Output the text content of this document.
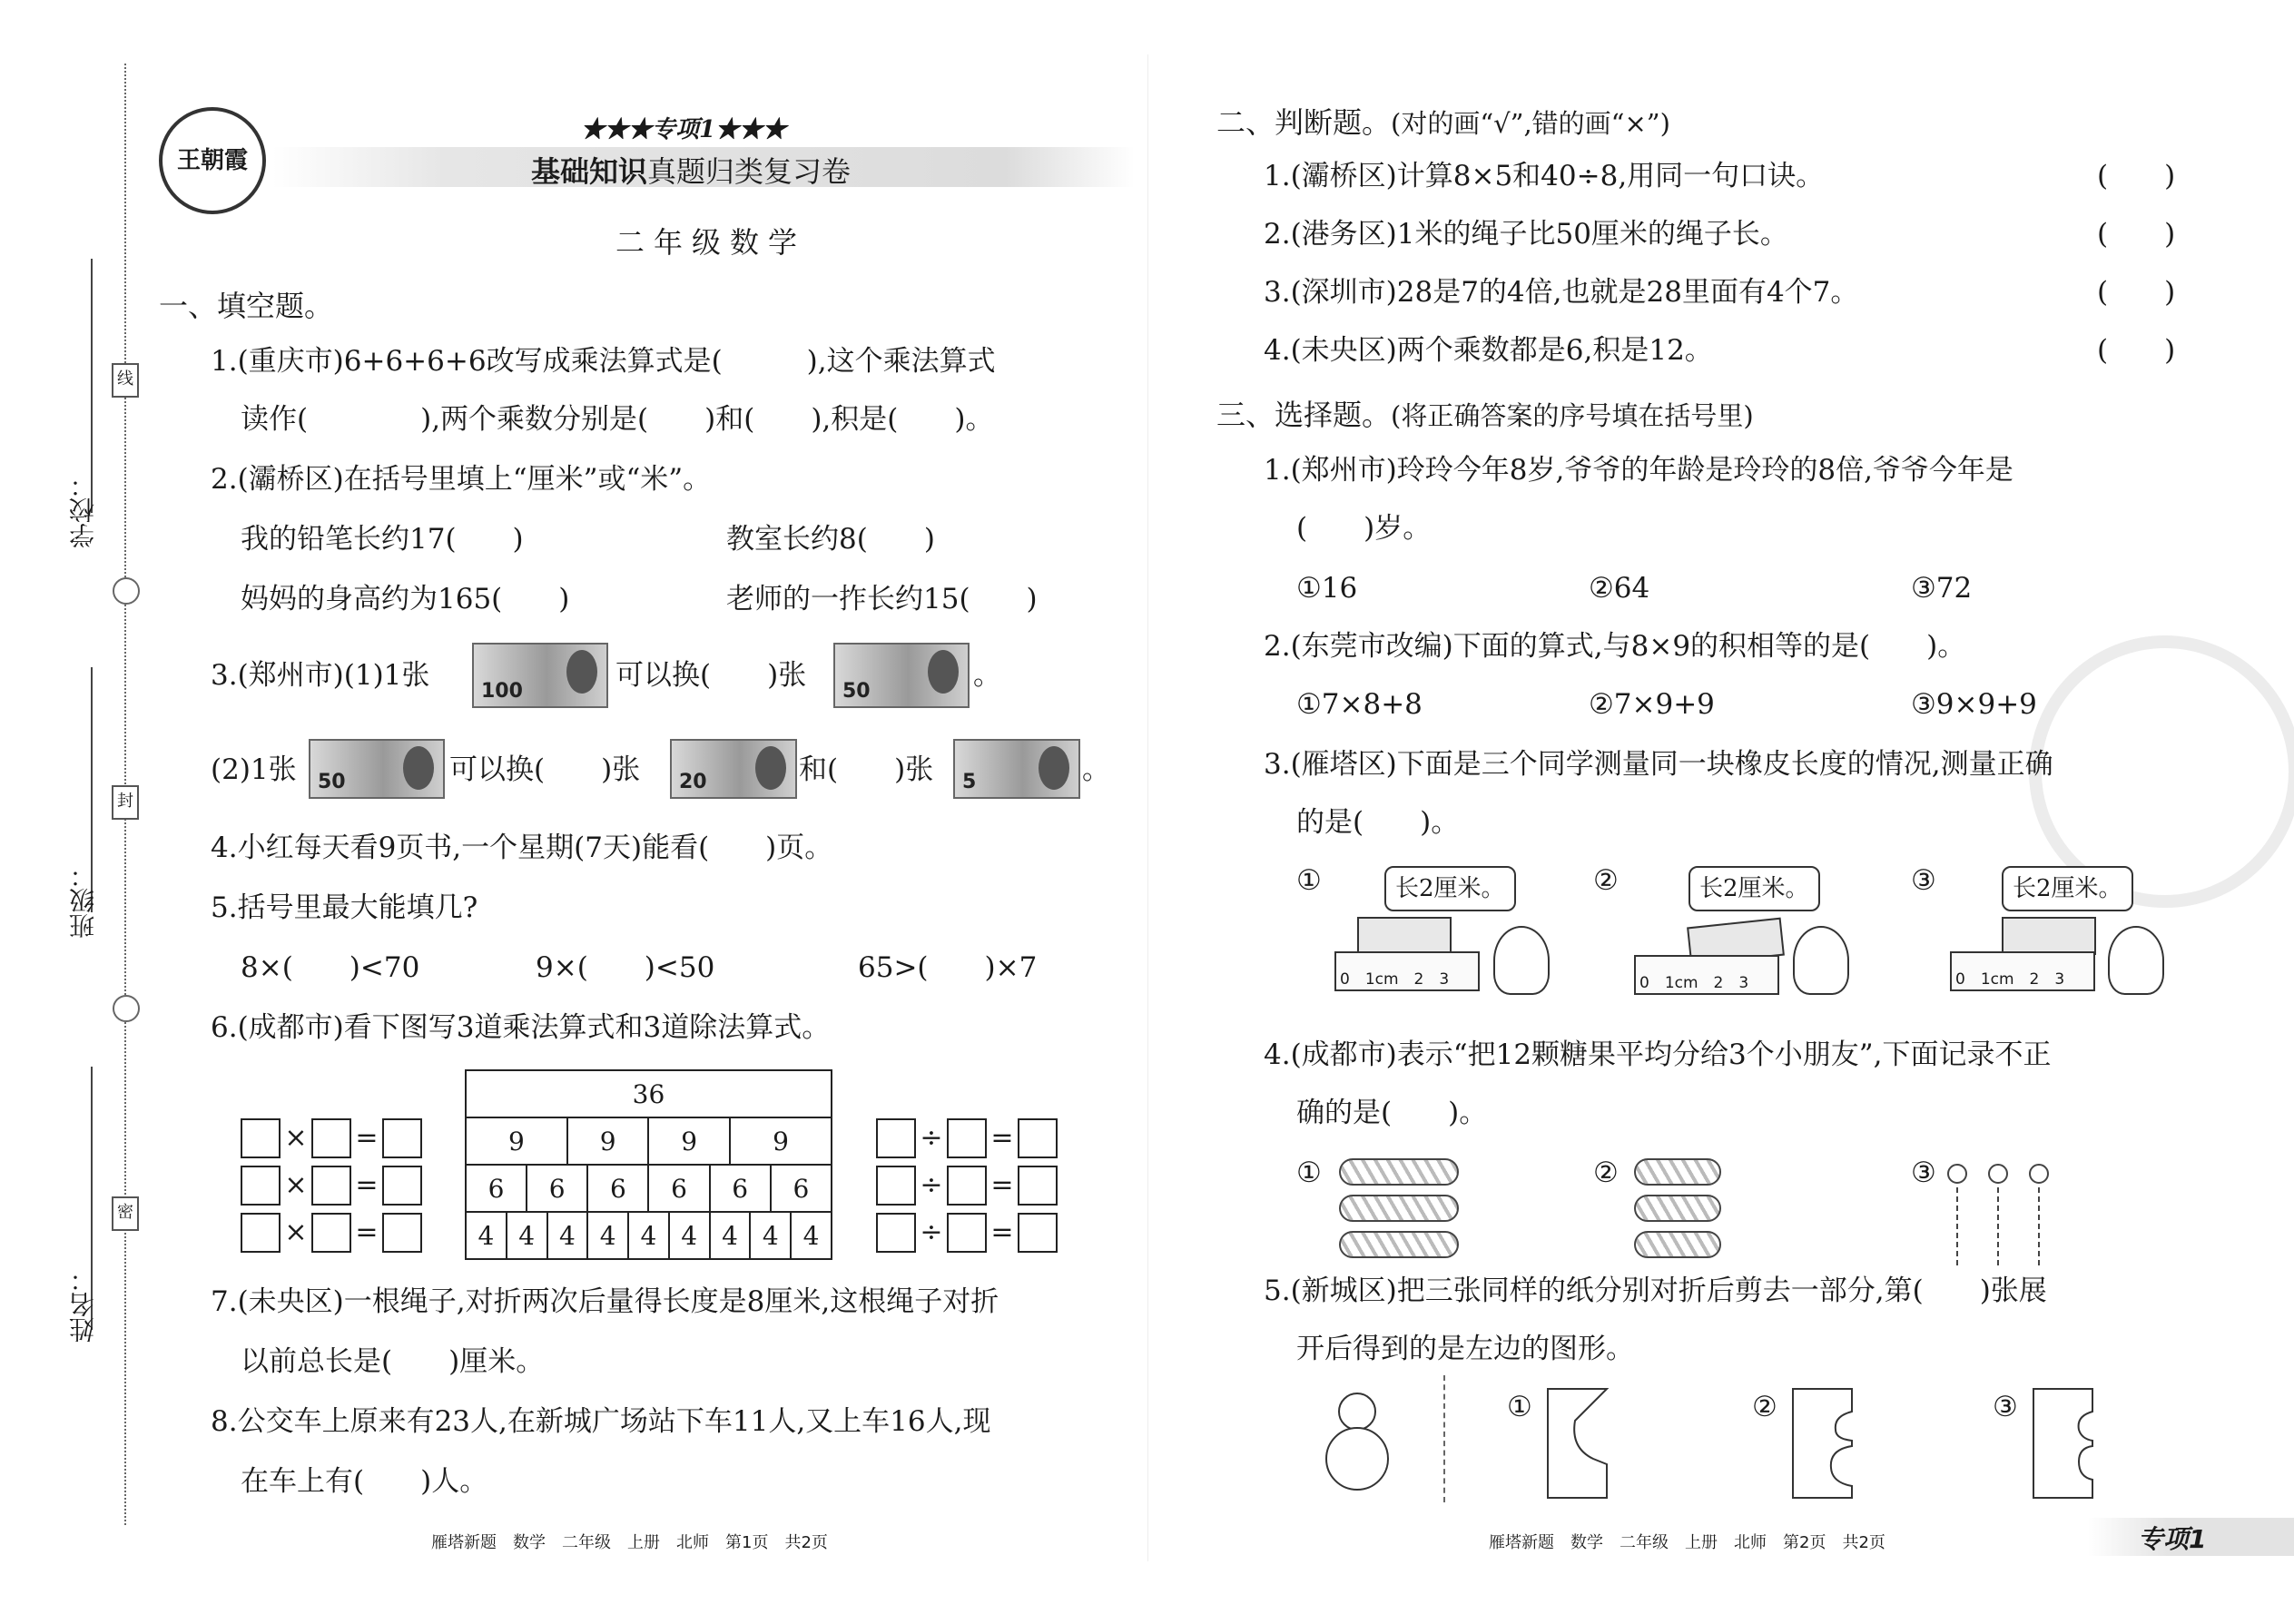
学校：
班级：
姓名：
线
封
密
王朝霞
★★★专项1★★★
基础知识真题归类复习卷
二年级数学
一、填空题。
1.(重庆市)6+6+6+6改写成乘法算式是(　　　),这个乘法算式
读作(　　　　),两个乘数分别是(　　)和(　　),积是(　　)。
2.(灞桥区)在括号里填上“厘米”或“米”。
我的铅笔长约17(　　)	教室长约8(　　)
妈妈的身高约为165(　　)	老师的一拃长约15(　　)
3.(郑州市)(1)1张	100	可以换(　　)张 50	。
(2)1张 50	可以换(　　)张 20	和(　　)张 5	。
4.小红每天看9页书,一个星期(7天)能看(　　)页。
5.括号里最大能填几?
8×(　　)<70	9×(　　)<50	65>(　　)×7
6.(成都市)看下图写3道乘法算式和3道除法算式。
× =
× =
× =
36													
9				9			9			9			
6		6			6		6		6			6	
4	4		4		4	4		4	4		4		4
÷ =
÷ =
÷ =
7.(未央区)一根绳子,对折两次后量得长度是8厘米,这根绳子对折
以前总长是(　　)厘米。
8.公交车上原来有23人,在新城广场站下车11人,又上车16人,现
在车上有(　　)人。
雁塔新题　数学　二年级　上册　北师　第1页　共2页
二、判断题。(对的画“√”,错的画“×”)
1.(灞桥区)计算8×5和40÷8,用同一句口诀。	(　　)
2.(港务区)1米的绳子比50厘米的绳子长。	(　　)
3.(深圳市)28是7的4倍,也就是28里面有4个7。	(　　)
4.(未央区)两个乘数都是6,积是12。	(　　)
三、选择题。(将正确答案的序号填在括号里)
1.(郑州市)玲玲今年8岁,爷爷的年龄是玲玲的8倍,爷爷今年是
(　　)岁。
①16	②64	③72
2.(东莞市改编)下面的算式,与8×9的积相等的是(　　)。
①7×8+8	②7×9+9	③9×9+9
3.(雁塔区)下面是三个同学测量同一块橡皮长度的情况,测量正确
的是(　　)。
①	长2厘米。
0　1cm　2　3
②	长2厘米。
0　1cm　2　3
③	长2厘米。
0　1cm　2　3
4.(成都市)表示“把12颗糖果平均分给3个小朋友”,下面记录不正
确的是(　　)。
①	②	③
5.(新城区)把三张同样的纸分别对折后剪去一部分,第(　　)张展
开后得到的是左边的图形。
①	②	③
雁塔新题　数学　二年级　上册　北师　第2页　共2页	专项1
